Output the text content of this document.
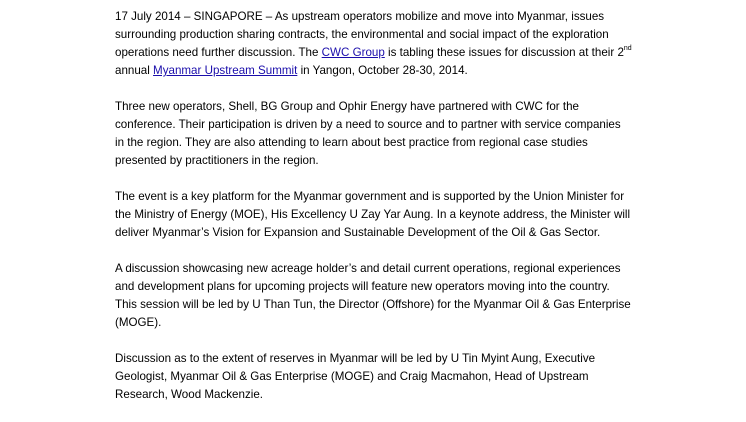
17 July 2014 – SINGAPORE – As upstream operators mobilize and move into Myanmar, issues
surrounding production sharing contracts, the environmental and social impact of the exploration
operations need further discussion. The CWC Group is tabling these issues for discussion at their 2nd
annual Myanmar Upstream Summit in Yangon, October 28-30, 2014.

Three new operators, Shell, BG Group and Ophir Energy have partnered with CWC for the
conference. Their participation is driven by a need to source and to partner with service companies
in the region. They are also attending to learn about best practice from regional case studies
presented by practitioners in the region.

The event is a key platform for the Myanmar government and is supported by the Union Minister for
the Ministry of Energy (MOE), His Excellency U Zay Yar Aung. In a keynote address, the Minister will
deliver Myanmar’s Vision for Expansion and Sustainable Development of the Oil & Gas Sector.

A discussion showcasing new acreage holder’s and detail current operations, regional experiences
and development plans for upcoming projects will feature new operators moving into the country.
This session will be led by U Than Tun, the Director (Offshore) for the Myanmar Oil & Gas Enterprise
(MOGE).

Discussion as to the extent of reserves in Myanmar will be led by U Tin Myint Aung, Executive
Geologist, Myanmar Oil & Gas Enterprise (MOGE) and Craig Macmahon, Head of Upstream
Research, Wood Mackenzie.
